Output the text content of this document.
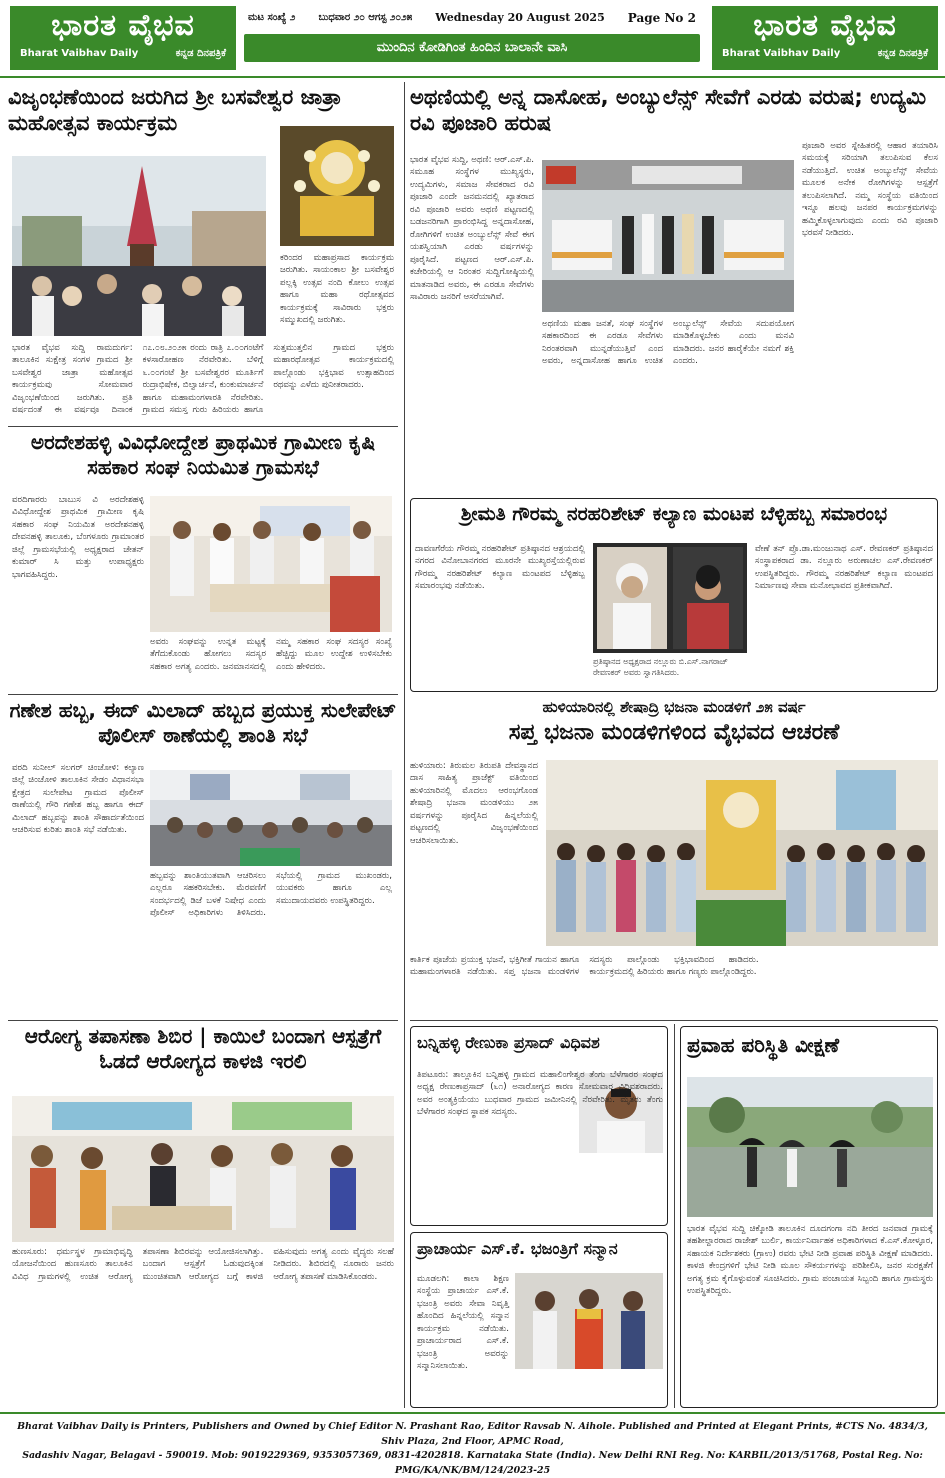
ಭಾರತ ವೈಭವ
Bharat Vaibhav Daily	ಕನ್ನಡ ದಿನಪತ್ರಿಕೆ
ಮಟ ಸಂಖ್ಯೆ ೨ ಬುಧವಾರ ೨೦ ಆಗಸ್ಟ ೨೦೨೫ Wednesday 20 August 2025 Page No 2
ಮುಂದಿನ ಕೋಡಿಗಿಂತ ಹಿಂದಿನ ಬಾಲಾನೇ ವಾಸಿ
ಭಾರತ ವೈಭವ
Bharat Vaibhav Daily	ಕನ್ನಡ ದಿನಪತ್ರಿಕೆ
ವಿಜೃಂಭಣೆಯಿಂದ ಜರುಗಿದ ಶ್ರೀ ಬಸವೇಶ್ವರ ಜಾತ್ರಾ ಮಹೋತ್ಸವ ಕಾರ್ಯಕ್ರಮ
ಕರಿಂದರ ಮಹಾಪ್ರಸಾದ ಕಾರ್ಯಕ್ರಮ ಜರುಗಿತು. ಸಾಯಂಕಾಲ ಶ್ರೀ ಬಸವೇಶ್ವರ ಪಲ್ಲಕ್ಕಿ ಉತ್ಸವ ನಂದಿ ಕೋಲು ಉತ್ಸವ ಹಾಗೂ ಮಹಾ ರಥೋತ್ಸವದ ಕಾರ್ಯಕ್ರಮಕ್ಕೆ ಸಾವಿರಾರು ಭಕ್ತರು ಸಮ್ಮುಖದಲ್ಲಿ ಜರುಗಿತು.
ಭಾರತ ವೈಭವ ಸುದ್ದಿ ರಾಮದುರ್ಗ: ತಾಲೂಕಿನ ಸುಕ್ಷೇತ್ರ ಸಂಗಳ ಗ್ರಾಮದ ಶ್ರೀ ಬಸವೇಶ್ವರ ಜಾತ್ರಾ ಮಹೋತ್ಸವ ಕಾರ್ಯಕ್ರಮವು ಸೋಮವಾರ ವಿಜೃಂಭಣೆಯಿಂದ ಜರುಗಿತು. ಪ್ರತಿ ವರ್ಷದಂತೆ ಈ ವರ್ಷವೂ ದಿನಾಂಕ ೧೭.೦೮.೨೦೨೫ ರಂದು ರಾತ್ರಿ ೭.೦೦ಗಂಟೆಗೆ ಕಳಸಾರೋಹಣ ನೆರವೇರಿತು. ಬೆಳಿಗ್ಗೆ ೬.೦೦ಗಂಟೆ ಶ್ರೀ ಬಸವೇಶ್ವರರ ಮೂರ್ತಿಗೆ ರುದ್ರಾಭಿಷೇಕ, ಬಿಲ್ವಾರ್ಚನೆ, ಕುಂಕುಮಾರ್ಚನೆ ಹಾಗೂ ಮಹಾಮಂಗಳಾರತಿ ನೆರವೇರಿತು. ಗ್ರಾಮದ ಸಮಸ್ತ ಗುರು ಹಿರಿಯರು ಹಾಗೂ ಸುತ್ತಮುತ್ತಲಿನ ಗ್ರಾಮದ ಭಕ್ತರು ಮಹಾರಥೋತ್ಸವ ಕಾರ್ಯಕ್ರಮದಲ್ಲಿ ಪಾಲ್ಗೊಂಡು ಭಕ್ತಿಭಾವ ಉತ್ಸಾಹದಿಂದ ರಥವನ್ನು ಎಳೆದು ಪುನೀತರಾದರು.
ಅರದೇಶಹಳ್ಳಿ ವಿವಿಧೋದ್ದೇಶ ಪ್ರಾಥಮಿಕ ಗ್ರಾಮೀಣ ಕೃಷಿ ಸಹಕಾರ ಸಂಘ ನಿಯಮಿತ ಗ್ರಾಮಸಭೆ
ವರದಿಗಾರರು ಬಾಬುಸ ವಿ ಅರದೇಶಹಳ್ಳಿ ವಿವಿಧೋದ್ದೇಶ ಪ್ರಾಥಮಿಕ ಗ್ರಾಮೀಣ ಕೃಷಿ ಸಹಕಾರ ಸಂಘ ನಿಯಮಿತ ಅರದೇಶನಹಳ್ಳಿ ದೇವನಹಳ್ಳಿ ತಾಲೂಕು, ಬೆಂಗಳೂರು ಗ್ರಾಮಾಂತರ ಜಿಲ್ಲೆ ಗ್ರಾಮಸಭೆಯಲ್ಲಿ ಅಧ್ಯಕ್ಷರಾದ ಚೇತನ್ ಕುಮಾರ್ ಸಿ ಮತ್ತು ಉಪಾಧ್ಯಕ್ಷರು ಭಾಗವಹಿಸಿದ್ದರು.
ಅವರು ಸಂಘವನ್ನು ಉನ್ನತ ಮಟ್ಟಕ್ಕೆ ತೆಗೆದುಕೊಂಡು ಹೋಗಲು ಸದಸ್ಯರ ಸಹಕಾರ ಅಗತ್ಯ ಎಂದರು. ಜನಮಾನಸದಲ್ಲಿ ನಮ್ಮ ಸಹಕಾರ ಸಂಘ ಸದಸ್ಯರ ಸಂಖ್ಯೆ ಹೆಚ್ಚಿದ್ದು ಮೂಲ ಉದ್ದೇಶ ಉಳಿಸಬೇಕು ಎಂದು ಹೇಳಿದರು.
ಗಣೇಶ ಹಬ್ಬ, ಈದ್ ಮಿಲಾದ್ ಹಬ್ಬದ ಪ್ರಯುಕ್ತ ಸುಲೇಪೇಟ್ ಪೊಲೀಸ್ ಠಾಣೆಯಲ್ಲಿ ಶಾಂತಿ ಸಭೆ
ವರದಿ ಸುನೀಲ್ ಸಲಗರ್ ಚಿಂಚೋಳಿ: ಕಲ್ಯಾಣ ಜಿಲ್ಲೆ ಚಿಂಚೋಳಿ ತಾಲೂಕಿನ ಸೇಡಂ ವಿಧಾನಸಭಾ ಕ್ಷೇತ್ರದ ಸುಲೇಪೇಟ ಗ್ರಾಮದ ಪೊಲೀಸ್ ಠಾಣೆಯಲ್ಲಿ ಗೌರಿ ಗಣೇಶ ಹಬ್ಬ ಹಾಗೂ ಈದ್ ಮಿಲಾದ್ ಹಬ್ಬವನ್ನು ಶಾಂತಿ ಸೌಹಾರ್ದತೆಯಿಂದ ಆಚರಿಸುವ ಕುರಿತು ಶಾಂತಿ ಸಭೆ ನಡೆಯಿತು.
ಹಬ್ಬವನ್ನು ಶಾಂತಿಯುತವಾಗಿ ಆಚರಿಸಲು ಎಲ್ಲರೂ ಸಹಕರಿಸಬೇಕು. ಮೆರವಣಿಗೆ ಸಂದರ್ಭದಲ್ಲಿ ಡಿಜೆ ಬಳಕೆ ನಿಷೇಧ ಎಂದು ಪೊಲೀಸ್ ಅಧಿಕಾರಿಗಳು ತಿಳಿಸಿದರು. ಸಭೆಯಲ್ಲಿ ಗ್ರಾಮದ ಮುಖಂಡರು, ಯುವಕರು ಹಾಗೂ ಎಲ್ಲ ಸಮುದಾಯದವರು ಉಪಸ್ಥಿತರಿದ್ದರು.
ಆರೋಗ್ಯ ತಪಾಸಣಾ ಶಿಬಿರ | ಕಾಯಿಲೆ ಬಂದಾಗ ಆಸ್ಪತ್ರೆಗೆ ಓಡದೆ ಆರೋಗ್ಯದ ಕಾಳಜಿ ಇರಲಿ
ಹುಣಸೂರು: ಧರ್ಮಸ್ಥಳ ಗ್ರಾಮಾಭಿವೃದ್ಧಿ ಯೋಜನೆಯಿಂದ ಹುಣಸೂರು ತಾಲೂಕಿನ ವಿವಿಧ ಗ್ರಾಮಗಳಲ್ಲಿ ಉಚಿತ ಆರೋಗ್ಯ ತಪಾಸಣಾ ಶಿಬಿರವನ್ನು ಆಯೋಜಿಸಲಾಗಿತ್ತು. ಬಂದಾಗ ಆಸ್ಪತ್ರೆಗೆ ಓಡುವುದಕ್ಕಿಂತ ಮುಂಚಿತವಾಗಿ ಆರೋಗ್ಯದ ಬಗ್ಗೆ ಕಾಳಜಿ ವಹಿಸುವುದು ಅಗತ್ಯ ಎಂದು ವೈದ್ಯರು ಸಲಹೆ ನೀಡಿದರು. ಶಿಬಿರದಲ್ಲಿ ನೂರಾರು ಜನರು ಆರೋಗ್ಯ ತಪಾಸಣೆ ಮಾಡಿಸಿಕೊಂಡರು.
ಅಥಣಿಯಲ್ಲಿ ಅನ್ನ ದಾಸೋಹ, ಅಂಬ್ಯುಲೆನ್ಸ್ ಸೇವೆಗೆ ಎರಡು ವರುಷ; ಉದ್ಯಮಿ ರವಿ ಪೂಜಾರಿ ಹರುಷ
ಭಾರತ ವೈಭವ ಸುದ್ದಿ, ಅಥಣಿ: ಆರ್.ಎಸ್.ಪಿ. ಸಮೂಹ ಸಂಸ್ಥೆಗಳ ಮುಖ್ಯಸ್ಥರು, ಉದ್ಯಮಿಗಳು, ಸಮಾಜ ಸೇವಕರಾದ ರವಿ ಪೂಜಾರಿ ಎಂದೇ ಜನಮನದಲ್ಲಿ ಖ್ಯಾತರಾದ ರವಿ ಪೂಜಾರಿ ಅವರು ಅಥಣಿ ಪಟ್ಟಣದಲ್ಲಿ ಬಡಜನರಿಗಾಗಿ ಪ್ರಾರಂಭಿಸಿದ್ದ ಅನ್ನದಾಸೋಹ, ರೋಗಿಗಳಿಗೆ ಉಚಿತ ಅಂಬ್ಯುಲೆನ್ಸ್ ಸೇವೆ ಈಗ ಯಶಸ್ವಿಯಾಗಿ ಎರಡು ವರ್ಷಗಳನ್ನು ಪೂರೈಸಿದೆ. ಪಟ್ಟಣದ ಆರ್.ಎಸ್.ಪಿ. ಕಚೇರಿಯಲ್ಲಿ ಆ ನಿರಂತರ ಸುದ್ದಿಗೋಷ್ಠಿಯಲ್ಲಿ ಮಾತನಾಡಿದ ಅವರು, ಈ ಎರಡೂ ಸೇವೆಗಳು ಸಾವಿರಾರು ಜನರಿಗೆ ಆಸರೆಯಾಗಿವೆ.
ಅಥಣಿಯ ಮಹಾ ಜನತೆ, ಸಂಘ ಸಂಸ್ಥೆಗಳ ಸಹಕಾರದಿಂದ ಈ ಎರಡೂ ಸೇವೆಗಳು ನಿರಂತರವಾಗಿ ಮುನ್ನಡೆಯುತ್ತಿವೆ ಎಂದ ಅವರು, ಅನ್ನದಾಸೋಹ ಹಾಗೂ ಉಚಿತ ಅಂಬ್ಯುಲೆನ್ಸ್ ಸೇವೆಯ ಸದುಪಯೋಗ ಮಾಡಿಕೊಳ್ಳಬೇಕು ಎಂದು ಮನವಿ ಮಾಡಿದರು. ಜನರ ಹಾರೈಕೆಯೇ ನಮಗೆ ಶಕ್ತಿ ಎಂದರು.
ಪೂಜಾರಿ ಅವರ ಸ್ನೇಹಿತರಲ್ಲಿ ಆಹಾರ ತಯಾರಿಸಿ ಸಮಯಕ್ಕೆ ಸರಿಯಾಗಿ ತಲುಪಿಸುವ ಕೆಲಸ ನಡೆಯುತ್ತಿದೆ. ಉಚಿತ ಅಂಬ್ಯುಲೆನ್ಸ್ ಸೇವೆಯ ಮೂಲಕ ಅನೇಕ ರೋಗಿಗಳನ್ನು ಆಸ್ಪತ್ರೆಗೆ ತಲುಪಿಸಲಾಗಿದೆ. ನಮ್ಮ ಸಂಸ್ಥೆಯ ವತಿಯಿಂದ ಇನ್ನೂ ಹಲವು ಜನಪರ ಕಾರ್ಯಕ್ರಮಗಳನ್ನು ಹಮ್ಮಿಕೊಳ್ಳಲಾಗುವುದು ಎಂದು ರವಿ ಪೂಜಾರಿ ಭರವಸೆ ನೀಡಿದರು.
ಶ್ರೀಮತಿ ಗೌರಮ್ಮ ನರಹರಿಶೇಟ್ ಕಲ್ಯಾಣ ಮಂಟಪ ಬೆಳ್ಳಿಹಬ್ಬ ಸಮಾರಂಭ
ದಾವಣಗೆರೆಯ ಗೌರಮ್ಮ ನರಹರಿಶೇಟ್ ಪ್ರತಿಷ್ಠಾನದ ಆಶ್ರಯದಲ್ಲಿ ನಗರದ ವಿನೋಬಾನಗರದ ಮೂರನೇ ಮುಖ್ಯರಸ್ತೆಯಲ್ಲಿರುವ ಗೌರಮ್ಮ ನರಹರಿಶೇಟ್ ಕಲ್ಯಾಣ ಮಂಟಪದ ಬೆಳ್ಳಿಹಬ್ಬ ಸಮಾರಂಭವು ನಡೆಯಿತು.
ಪ್ರತಿಷ್ಠಾನದ ಅಧ್ಯಕ್ಷರಾದ ನಲ್ಲೂರು ಬಿ.ಎಸ್.ನಾಗರಾಜ್ ರೇವಣಕರ್ ಅವರು ಸ್ವಾಗತಿಸಿದರು.
ವೇಣೆ ತನ್ ಪ್ರೊ.ಡಾ.ಮಂಜುನಾಥ ಎಸ್. ರೇವಣಕರ್ ಪ್ರತಿಷ್ಠಾನದ ಸಂಸ್ಥಾಪಕರಾದ ಡಾ. ನಲ್ಲೂರು ಅರುಣಾಚಲ ಎಸ್.ರೇವಣಕರ್ ಉಪಸ್ಥಿತರಿದ್ದರು. ಗೌರಮ್ಮ ನರಹರಿಶೇಟ್ ಕಲ್ಯಾಣ ಮಂಟಪದ ನಿರ್ಮಾಣವು ಸೇವಾ ಮನೋಭಾವದ ಪ್ರತೀಕವಾಗಿದೆ.
ಹುಳಿಯಾರಿನಲ್ಲಿ ಶೇಷಾದ್ರಿ ಭಜನಾ ಮಂಡಳಿಗೆ ೨೫ ವರ್ಷ
ಸಪ್ತ ಭಜನಾ ಮಂಡಳಿಗಳಿಂದ ವೈಭವದ ಆಚರಣೆ
ಹುಳಿಯಾರು: ತಿರುಮಲ ತಿರುಪತಿ ದೇವಸ್ಥಾನದ ದಾಸ ಸಾಹಿತ್ಯ ಪ್ರಾಜೆಕ್ಟ್ ವತಿಯಿಂದ ಹುಳಿಯಾರಿನಲ್ಲಿ ಮೊದಲು ಆರಂಭಗೊಂಡ ಶೇಷಾದ್ರಿ ಭಜನಾ ಮಂಡಳಿಯು ೨೫ ವರ್ಷಗಳನ್ನು ಪೂರೈಸಿದ ಹಿನ್ನಲೆಯಲ್ಲಿ ಪಟ್ಟಣದಲ್ಲಿ ವಿಜೃಂಭಣೆಯಿಂದ ಆಚರಿಸಲಾಯಿತು.
ಕಾರ್ತಿಕ ಪೂಜೆಯ ಪ್ರಯುಕ್ತ ಭಜನೆ, ಭಕ್ತಿಗೀತೆ ಗಾಯನ ಹಾಗೂ ಮಹಾಮಂಗಳಾರತಿ ನಡೆಯಿತು. ಸಪ್ತ ಭಜನಾ ಮಂಡಳಿಗಳ ಸದಸ್ಯರು ಪಾಲ್ಗೊಂಡು ಭಕ್ತಿಭಾವದಿಂದ ಹಾಡಿದರು. ಕಾರ್ಯಕ್ರಮದಲ್ಲಿ ಹಿರಿಯರು ಹಾಗೂ ಗಣ್ಯರು ಪಾಲ್ಗೊಂಡಿದ್ದರು.
ಬನ್ನಿಹಳ್ಳಿ ರೇಣುಕಾ ಪ್ರಸಾದ್ ವಿಧಿವಶ
ತಿಪಟೂರು: ತಾಲ್ಲೂಕಿನ ಬನ್ನಿಹಳ್ಳಿ ಗ್ರಾಮದ ಮಹಾಲಿಂಗೇಶ್ವರ ತೆಂಗು ಬೆಳೆಗಾರರ ಸಂಘದ ಅಧ್ಯಕ್ಷ ರೇಣುಕಾಪ್ರಸಾದ್ (೬೧) ಅನಾರೋಗ್ಯದ ಕಾರಣ ಸೋಮವಾರ ವಿಧಿವಶರಾದರು. ಅವರ ಅಂತ್ಯಕ್ರಿಯೆಯು ಬುಧವಾರ ಗ್ರಾಮದ ಜಮೀನಿನಲ್ಲಿ ನೆರವೇರಿತು. ಮೃತರು ತೆಂಗು ಬೆಳೆಗಾರರ ಸಂಘದ ಸ್ಥಾಪಕ ಸದಸ್ಯರು.
ಪ್ರಾಚಾರ್ಯ ಎಸ್.ಕೆ. ಭಜಂತ್ರಿಗೆ ಸನ್ಮಾನ
ಮೂಡಲಗಿ: ಕಾಲಾ ಶಿಕ್ಷಣ ಸಂಸ್ಥೆಯ ಪ್ರಾಚಾರ್ಯ ಎಸ್.ಕೆ. ಭಜಂತ್ರಿ ಅವರು ಸೇವಾ ನಿವೃತ್ತಿ ಹೊಂದಿದ ಹಿನ್ನಲೆಯಲ್ಲಿ ಸನ್ಮಾನ ಕಾರ್ಯಕ್ರಮ ನಡೆಯಿತು. ಪ್ರಾಚಾರ್ಯರಾದ ಎಸ್.ಕೆ. ಭಜಂತ್ರಿ ಅವರನ್ನು ಸನ್ಮಾನಿಸಲಾಯಿತು.
ಪ್ರವಾಹ ಪರಿಸ್ಥಿತಿ ವೀಕ್ಷಣೆ
ಭಾರತ ವೈಭವ ಸುದ್ದಿ ಚಿಕ್ಕೋಡಿ ತಾಲೂಕಿನ ದೂದಗಂಗಾ ನದಿ ತೀರದ ಜನವಾಡ ಗ್ರಾಮಕ್ಕೆ ತಹಶೀಲ್ದಾರರಾದ ರಾಜೇಶ್ ಬುರ್ಲಿ, ಕಾರ್ಯನಿರ್ವಾಹಕ ಅಧಿಕಾರಿಗಳಾದ ಕೆ.ಎಸ್.ಕೋಳ್ಳೂರ, ಸಹಾಯಕ ನಿರ್ದೇಶಕರು (ಗ್ರಾಉ) ರವರು ಭೇಟಿ ನೀಡಿ ಪ್ರವಾಹ ಪರಿಸ್ಥಿತಿ ವೀಕ್ಷಣೆ ಮಾಡಿದರು. ಕಾಳಜಿ ಕೇಂದ್ರಗಳಿಗೆ ಭೇಟಿ ನೀಡಿ ಮೂಲ ಸೌಕರ್ಯಗಳನ್ನು ಪರಿಶೀಲಿಸಿ, ಜನರ ಸುರಕ್ಷತೆಗೆ ಅಗತ್ಯ ಕ್ರಮ ಕೈಗೊಳ್ಳುವಂತೆ ಸೂಚಿಸಿದರು. ಗ್ರಾಮ ಪಂಚಾಯತ ಸಿಬ್ಬಂದಿ ಹಾಗೂ ಗ್ರಾಮಸ್ಥರು ಉಪಸ್ಥಿತರಿದ್ದರು.
Bharat Vaibhav Daily is Printers, Publishers and Owned by Chief Editor N. Prashant Rao, Editor Ravsab N. Aihole. Published and Printed at Elegant Prints, #CTS No. 4834/3, Shiv Plaza, 2nd Floor, APMC Road,
Sadashiv Nagar, Belagavi - 590019. Mob: 9019229369, 9353057369, 0831-4202818. Karnataka State (India). New Delhi RNI Reg. No: KARBIL/2013/51768, Postal Reg. No: PMG/KA/NK/BM/124/2023-25
